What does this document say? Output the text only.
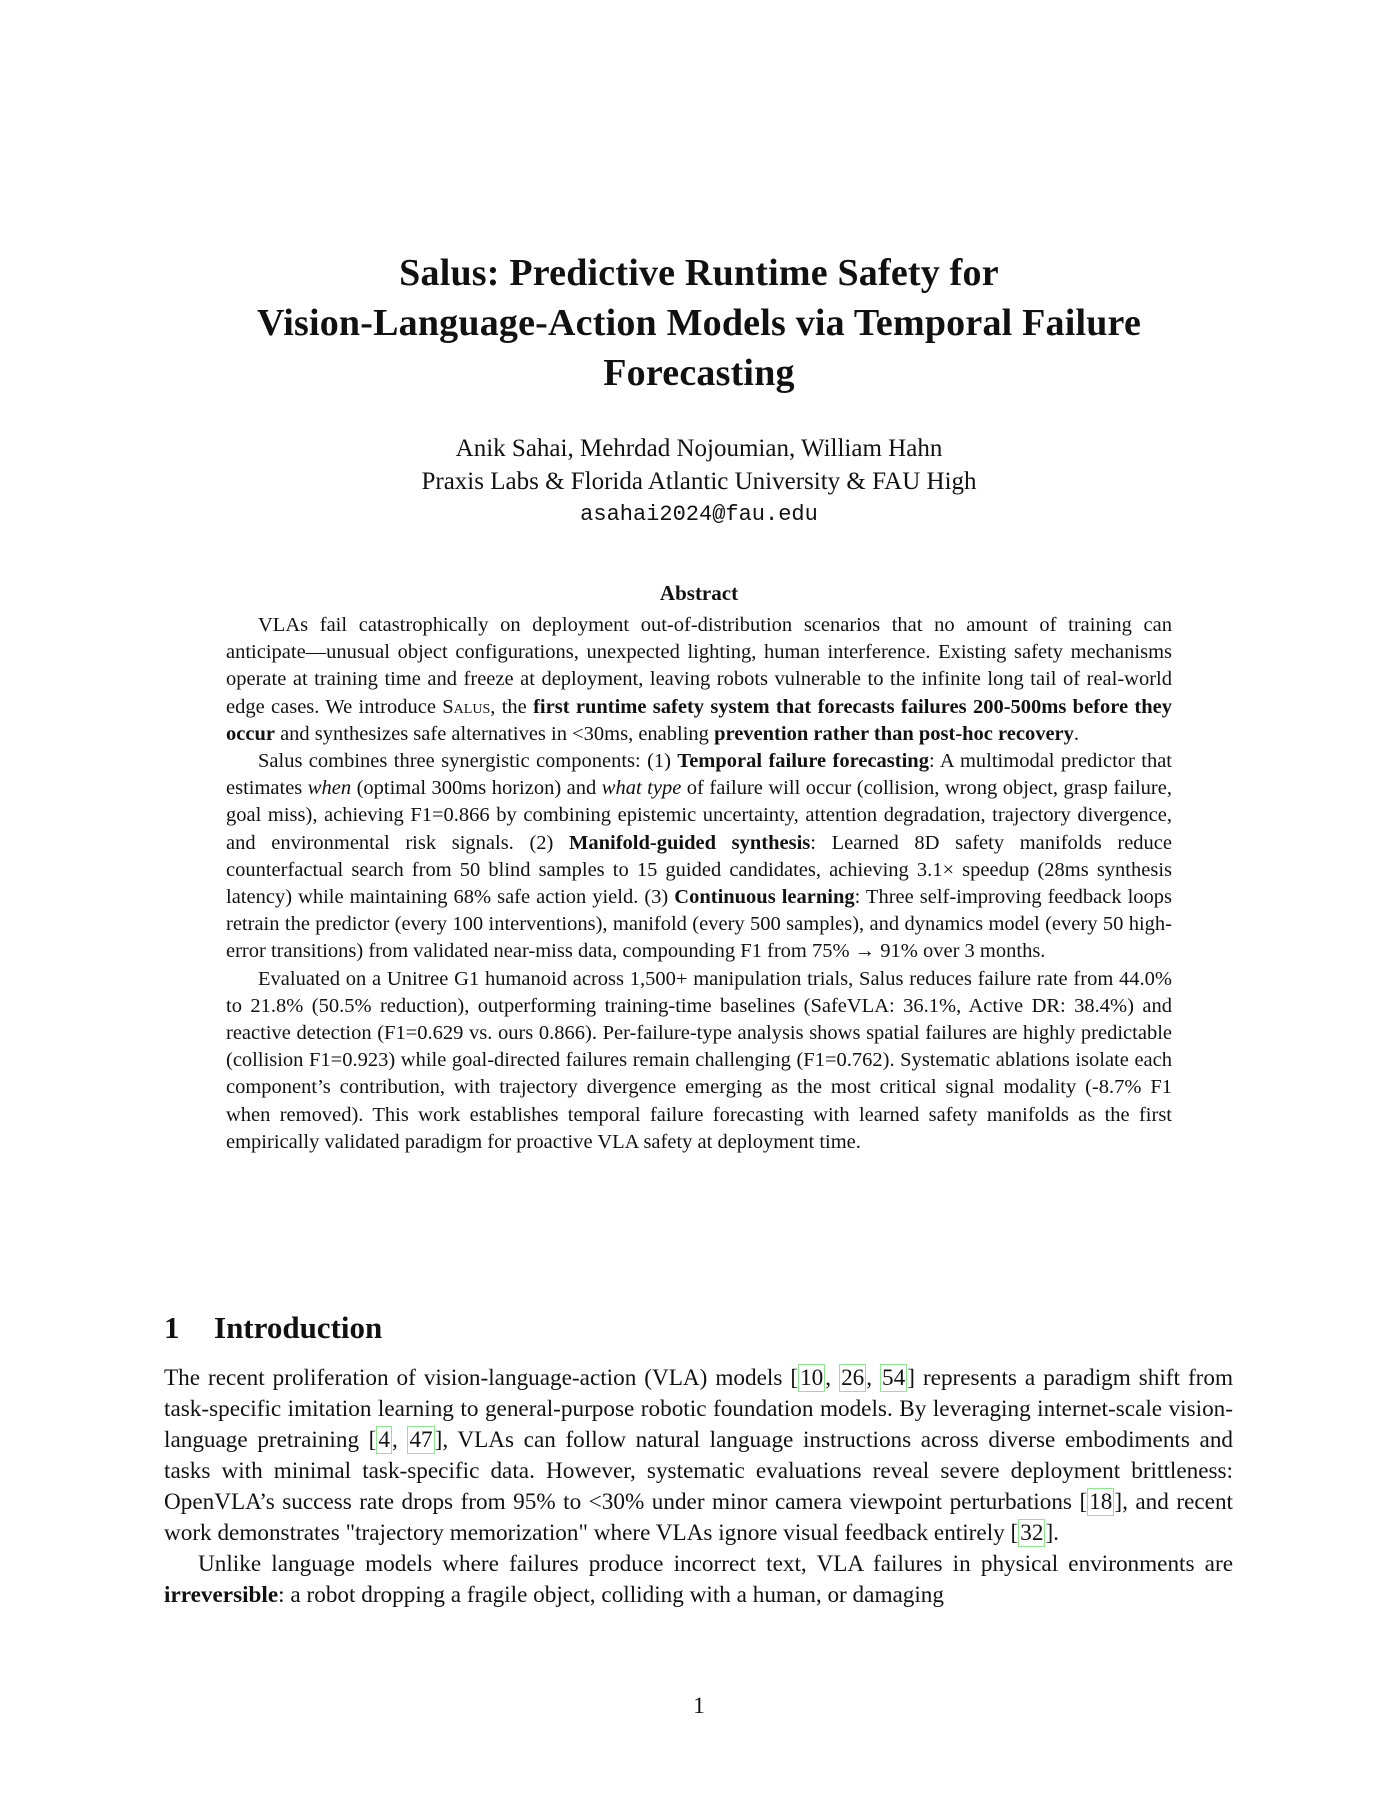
Salus: Predictive Runtime Safety for
Vision-Language-Action Models via Temporal Failure
Forecasting
Anik Sahai, Mehrdad Nojoumian, William Hahn
Praxis Labs & Florida Atlantic University & FAU High
asahai2024@fau.edu
Abstract

VLAs fail catastrophically on deployment out-of-distribution scenarios that no amount of training can anticipate—unusual object configurations, unexpected lighting, human interference. Existing safety mechanisms operate at training time and freeze at deployment, leaving robots vulnerable to the infinite long tail of real-world edge cases. We introduce Salus, the first runtime safety system that forecasts failures 200-500ms before they occur and synthesizes safe alternatives in <30ms, enabling prevention rather than post-hoc recovery.

Salus combines three synergistic components: (1) Temporal failure forecasting: A multimodal predictor that estimates when (optimal 300ms horizon) and what type of failure will occur (collision, wrong object, grasp failure, goal miss), achieving F1=0.866 by combining epistemic uncertainty, attention degradation, trajectory divergence, and environmental risk signals. (2) Manifold-guided synthesis: Learned 8D safety manifolds reduce counterfactual search from 50 blind samples to 15 guided candidates, achieving 3.1× speedup (28ms synthesis latency) while maintaining 68% safe action yield. (3) Continuous learning: Three self-improving feedback loops retrain the predictor (every 100 interventions), manifold (every 500 samples), and dynamics model (every 50 high-error transitions) from validated near-miss data, compounding F1 from 75% → 91% over 3 months.

Evaluated on a Unitree G1 humanoid across 1,500+ manipulation trials, Salus reduces failure rate from 44.0% to 21.8% (50.5% reduction), outperforming training-time baselines (SafeVLA: 36.1%, Active DR: 38.4%) and reactive detection (F1=0.629 vs. ours 0.866). Per-failure-type analysis shows spatial failures are highly predictable (collision F1=0.923) while goal-directed failures remain challenging (F1=0.762). Systematic ablations isolate each component’s contribution, with trajectory divergence emerging as the most critical signal modality (-8.7% F1 when removed). This work establishes temporal failure forecasting with learned safety manifolds as the first empirically validated paradigm for proactive VLA safety at deployment time.

1 Introduction

The recent proliferation of vision-language-action (VLA) models [10, 26, 54] represents a paradigm shift from task-specific imitation learning to general-purpose robotic foundation models. By leveraging internet-scale vision-language pretraining [4, 47], VLAs can follow natural language instructions across diverse embodiments and tasks with minimal task-specific data. However, systematic evaluations reveal severe deployment brittleness: OpenVLA’s success rate drops from 95% to <30% under minor camera viewpoint perturbations [18], and recent work demonstrates "trajectory memorization" where VLAs ignore visual feedback entirely [32].

Unlike language models where failures produce incorrect text, VLA failures in physical environments are irreversible: a robot dropping a fragile object, colliding with a human, or damaging

1
